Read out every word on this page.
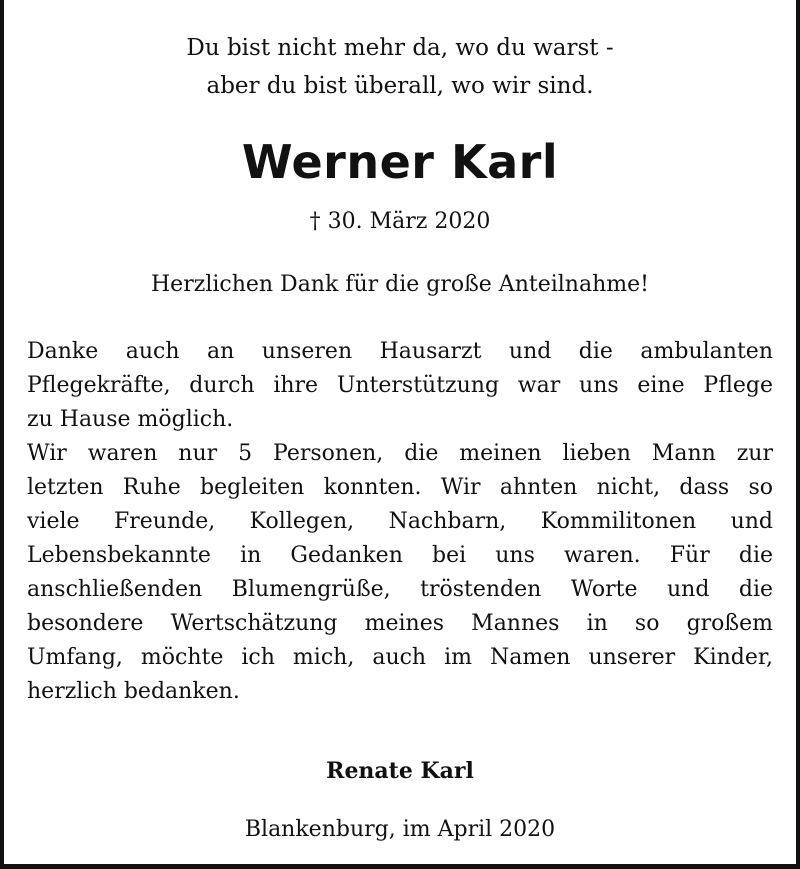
Du bist nicht mehr da, wo du warst -
aber du bist überall, wo wir sind.
Werner Karl
† 30. März 2020
Herzlichen Dank für die große Anteilnahme!
Danke auch an unseren Hausarzt und die ambulanten
Pflegekräfte, durch ihre Unterstützung war uns eine Pflege
zu Hause möglich.
Wir waren nur 5 Personen, die meinen lieben Mann zur
letzten Ruhe begleiten konnten. Wir ahnten nicht, dass so
viele Freunde, Kollegen, Nachbarn, Kommilitonen und
Lebensbekannte in Gedanken bei uns waren. Für die
anschließenden Blumengrüße, tröstenden Worte und die
besondere Wertschätzung meines Mannes in so großem
Umfang, möchte ich mich, auch im Namen unserer Kinder,
herzlich bedanken.
Renate Karl
Blankenburg, im April 2020
